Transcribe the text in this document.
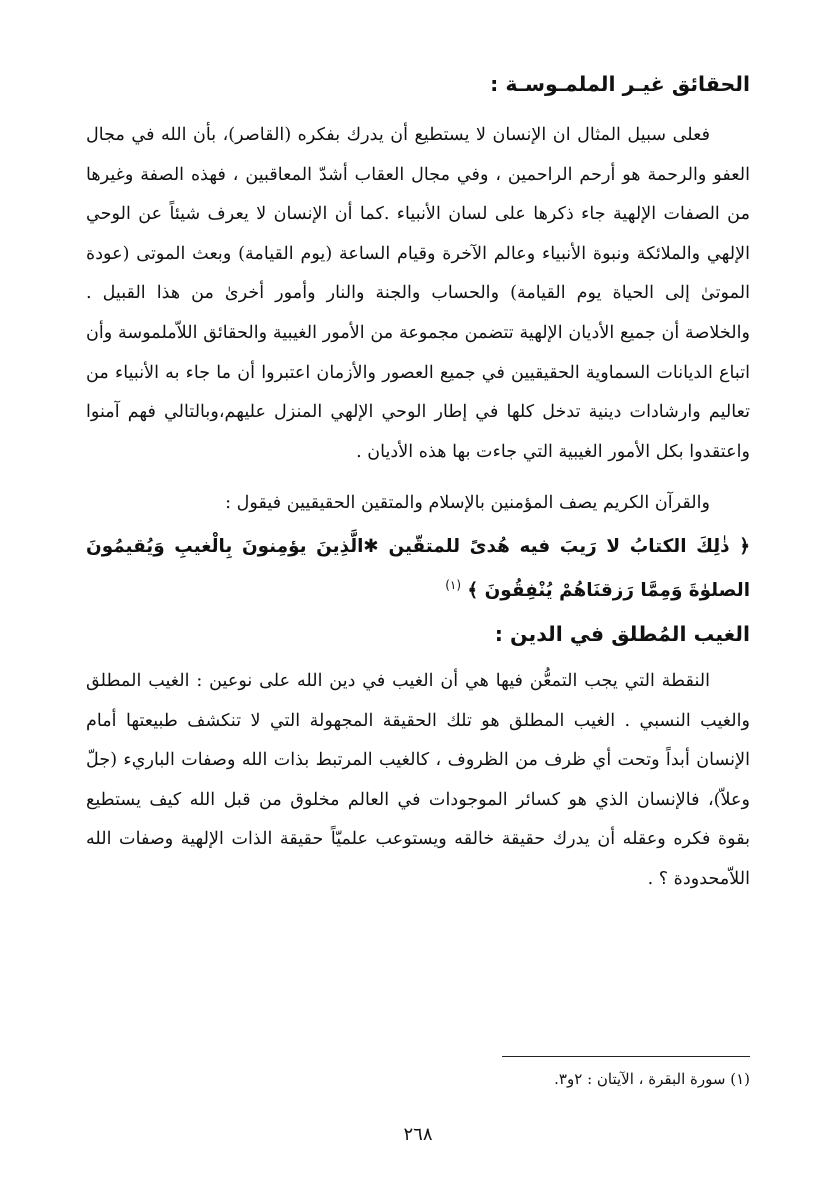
الحقائق غيـر الملمـوسـة :

فعلى سبيل المثال ان الإنسان لا يستطيع أن يدرك بفكره (القاصر)، بأن الله في مجال العفو والرحمة هو أرحم الراحمين ، وفي مجال العقاب أشدّ المعاقبين ، فهذه الصفة وغيرها من الصفات الإلهية جاء ذكرها على لسان الأنبياء .كما أن الإنسان لا يعرف شيئاً عن الوحي الإلهي والملائكة ونبوة الأنبياء وعالم الآخرة وقيام الساعة (يوم القيامة) وبعث الموتى (عودة الموتىٰ إلى الحياة يوم القيامة) والحساب والجنة والنار وأمور أخرىٰ من هذا القبيل . والخلاصة أن جميع الأديان الإلهية تتضمن مجموعة من الأمور الغيبية والحقائق اللاّملموسة وأن اتباع الديانات السماوية الحقيقيين في جميع العصور والأزمان اعتبروا أن ما جاء به الأنبياء من تعاليم وارشادات دينية تدخل كلها في إطار الوحي الإلهي المنزل عليهم،وبالتالي فهم آمنوا واعتقدوا بكل الأمور الغيبية التي جاءت بها هذه الأديان .

والقرآن الكريم يصف المؤمنين بالإسلام والمتقين الحقيقيين فيقول :

﴿ ذٰلِكَ الكتابُ لا رَيبَ فيه هُدىً للمتقّين ✱الَّذِينَ يؤمِنونَ بِالْغيبِ وَيُقيمُونَ الصلوٰةَ وَمِمَّا رَزقنَاهُمْ يُنْفِقُونَ ﴾ $^{(١)}$

الغيب المُطلق في الدين :

النقطة التي يجب التمعُّن فيها هي أن الغيب في دين الله على نوعين : الغيب المطلق والغيب النسبي . الغيب المطلق هو تلك الحقيقة المجهولة التي لا تنكشف طبيعتها أمام الإنسان أبداً وتحت أي ظرف من الظروف ، كالغيب المرتبط بذات الله وصفات الباريء (جلّ وعلاّ)، فالإنسان الذي هو كسائر الموجودات في العالم مخلوق من قبل الله كيف يستطيع بقوة فكره وعقله أن يدرك حقيقة خالقه ويستوعب علميّاً حقيقة الذات الإلهية وصفات الله اللاّمحدودة ؟ .

(١) سورة البقرة ، الآيتان : ٢و٣.

٢٦٨
